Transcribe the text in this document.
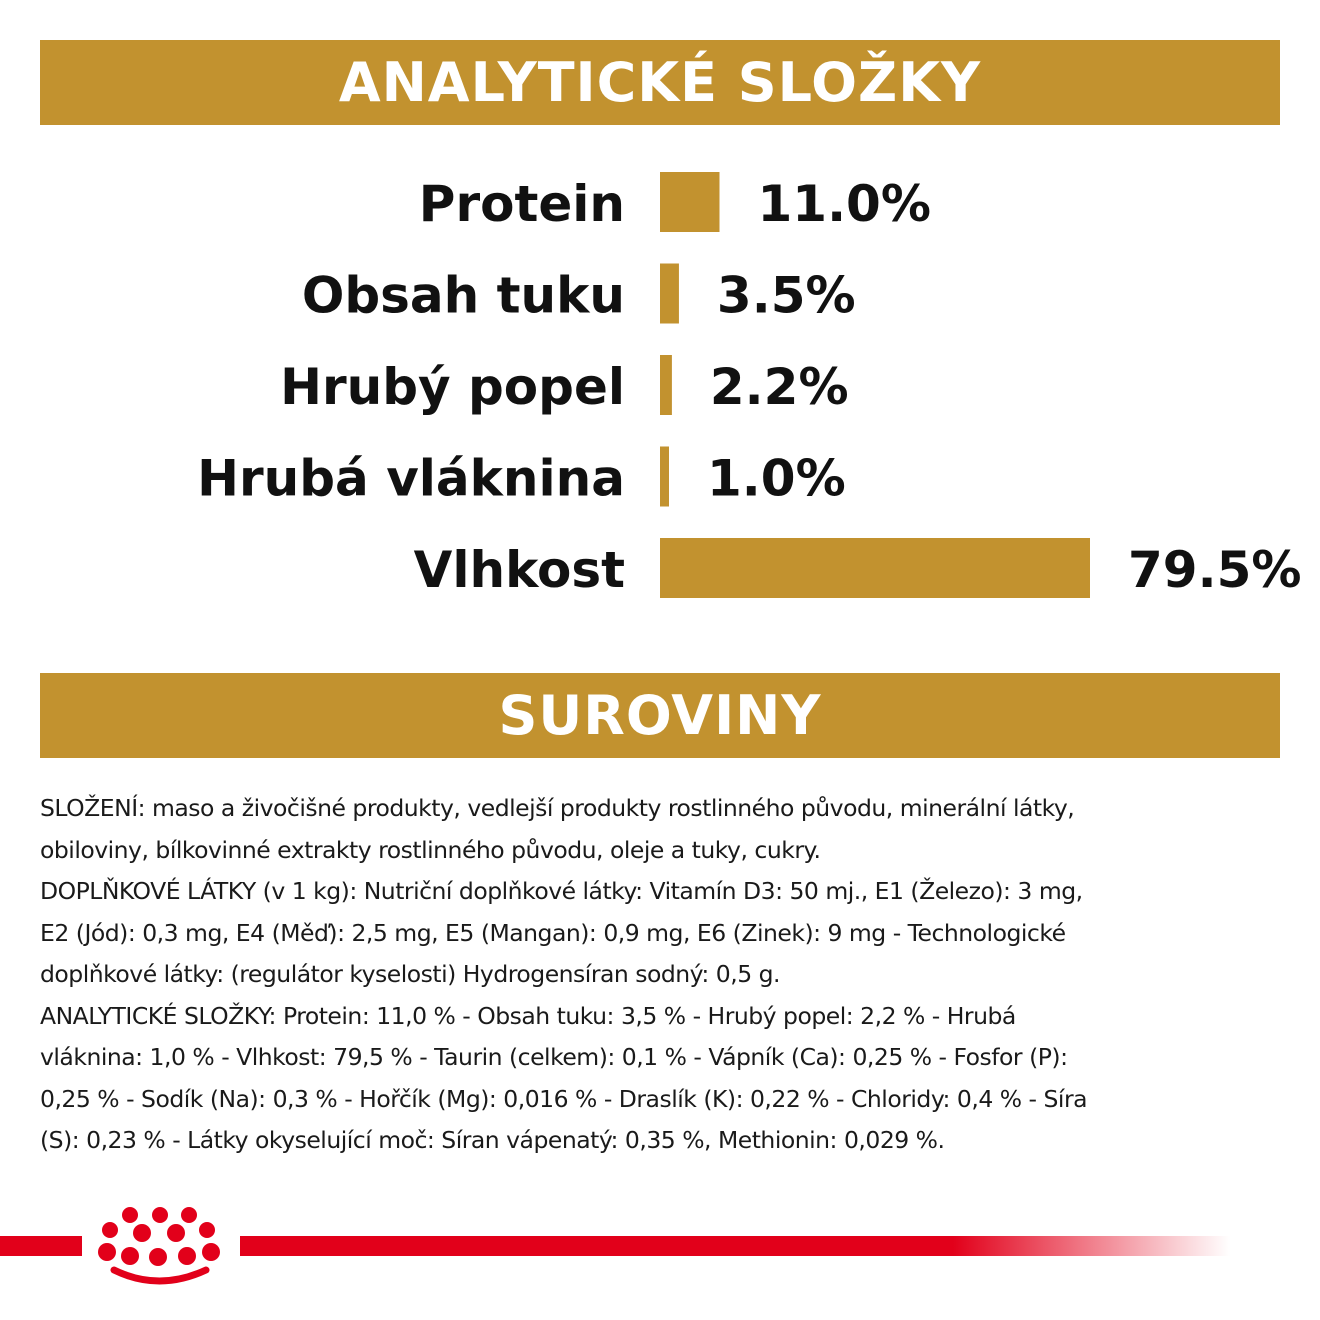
ANALYTICKÉ SLOŽKY
Protein	11.0%
Obsah tuku 3.5%
Hrubý popel 2.2%
Hrubá vláknina 1.0%
Vlhkost	79.5%
SUROVINY

SLOŽENÍ: maso a živočišné produkty, vedlejší produkty rostlinného původu, minerální látky,

obiloviny, bílkovinné extrakty rostlinného původu, oleje a tuky, cukry.

DOPLŇKOVÉ LÁTKY (v 1 kg): Nutriční doplňkové látky: Vitamín D3: 50 mj., E1 (Železo): 3 mg,

E2 (Jód): 0,3 mg, E4 (Měď): 2,5 mg, E5 (Mangan): 0,9 mg, E6 (Zinek): 9 mg - Technologické

doplňkové látky: (regulátor kyselosti) Hydrogensíran sodný: 0,5 g.

ANALYTICKÉ SLOŽKY: Protein: 11,0 % - Obsah tuku: 3,5 % - Hrubý popel: 2,2 % - Hrubá

vláknina: 1,0 % - Vlhkost: 79,5 % - Taurin (celkem): 0,1 % - Vápník (Ca): 0,25 % - Fosfor (P):

0,25 % - Sodík (Na): 0,3 % - Hořčík (Mg): 0,016 % - Draslík (K): 0,22 % - Chloridy: 0,4 % - Síra

(S): 0,23 % - Látky okyselující moč: Síran vápenatý: 0,35 %, Methionin: 0,029 %.
